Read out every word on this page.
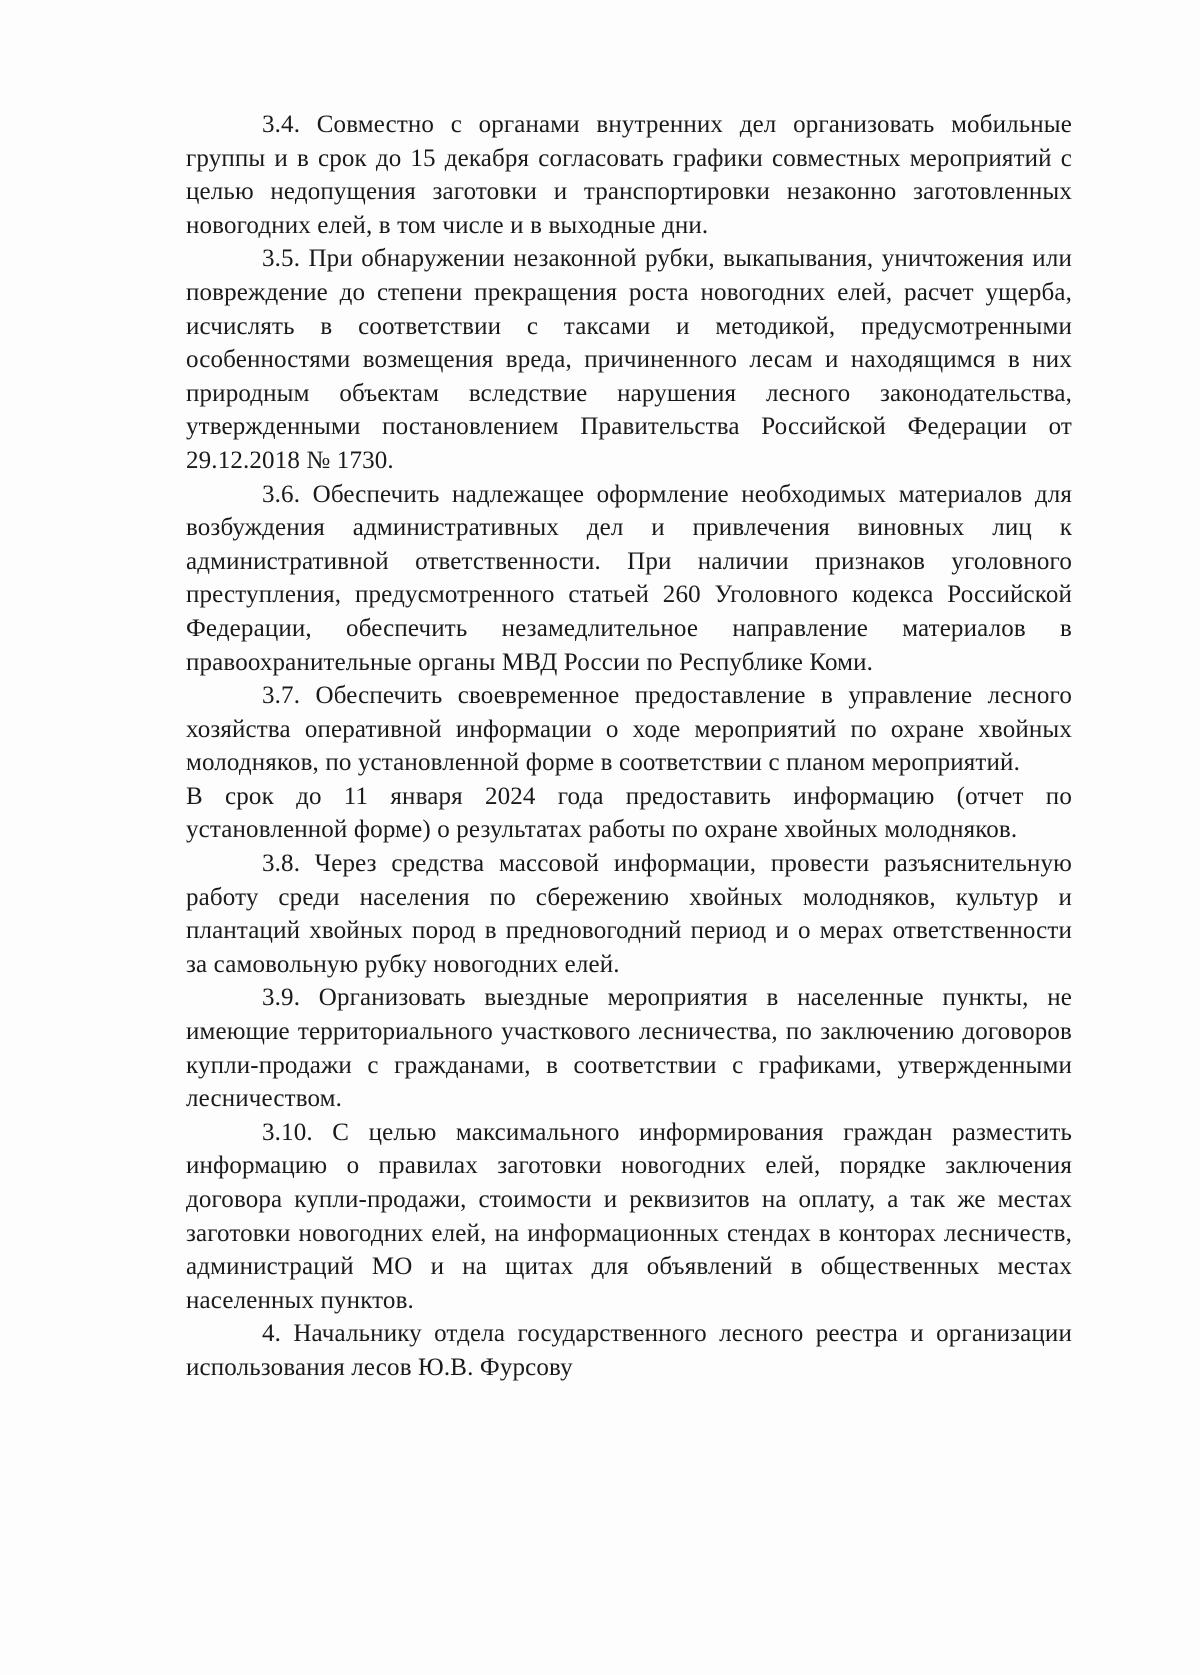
3.4. Совместно с органами внутренних дел организовать мобильные группы и в срок до 15 декабря согласовать графики совместных мероприятий с целью недопущения заготовки и транспортировки незаконно заготовленных новогодних елей, в том числе и в выходные дни.

3.5. При обнаружении незаконной рубки, выкапывания, уничтожения или повреждение до степени прекращения роста новогодних елей, расчет ущерба, исчислять в соответствии с таксами и методикой, предусмотренными особенностями возмещения вреда, причиненного лесам и находящимся в них природным объектам вследствие нарушения лесного законодательства, утвержденными постановлением Правительства Российской Федерации от 29.12.2018 № 1730.

3.6. Обеспечить надлежащее оформление необходимых материалов для возбуждения административных дел и привлечения виновных лиц к административной ответственности. При наличии признаков уголовного преступления, предусмотренного статьей 260 Уголовного кодекса Российской Федерации, обеспечить незамедлительное направление материалов в правоохранительные органы МВД России по Республике Коми.

3.7. Обеспечить своевременное предоставление в управление лесного хозяйства оперативной информации о ходе мероприятий по охране хвойных молодняков, по установленной форме в соответствии с планом мероприятий.

В срок до 11 января 2024 года предоставить информацию (отчет по установленной форме) о результатах работы по охране хвойных молодняков.

3.8. Через средства массовой информации, провести разъяснительную работу среди населения по сбережению хвойных молодняков, культур и плантаций хвойных пород в предновогодний период и о мерах ответственности за самовольную рубку новогодних елей.

3.9. Организовать выездные мероприятия в населенные пункты, не имеющие территориального участкового лесничества, по заключению договоров купли-продажи с гражданами, в соответствии с графиками, утвержденными лесничеством.

3.10. С целью максимального информирования граждан разместить информацию о правилах заготовки новогодних елей, порядке заключения договора купли-продажи, стоимости и реквизитов на оплату, а так же местах заготовки новогодних елей, на информационных стендах в конторах лесничеств, администраций МО и на щитах для объявлений в общественных местах населенных пунктов.

4. Начальнику отдела государственного лесного реестра и организации использования лесов Ю.В. Фурсову
